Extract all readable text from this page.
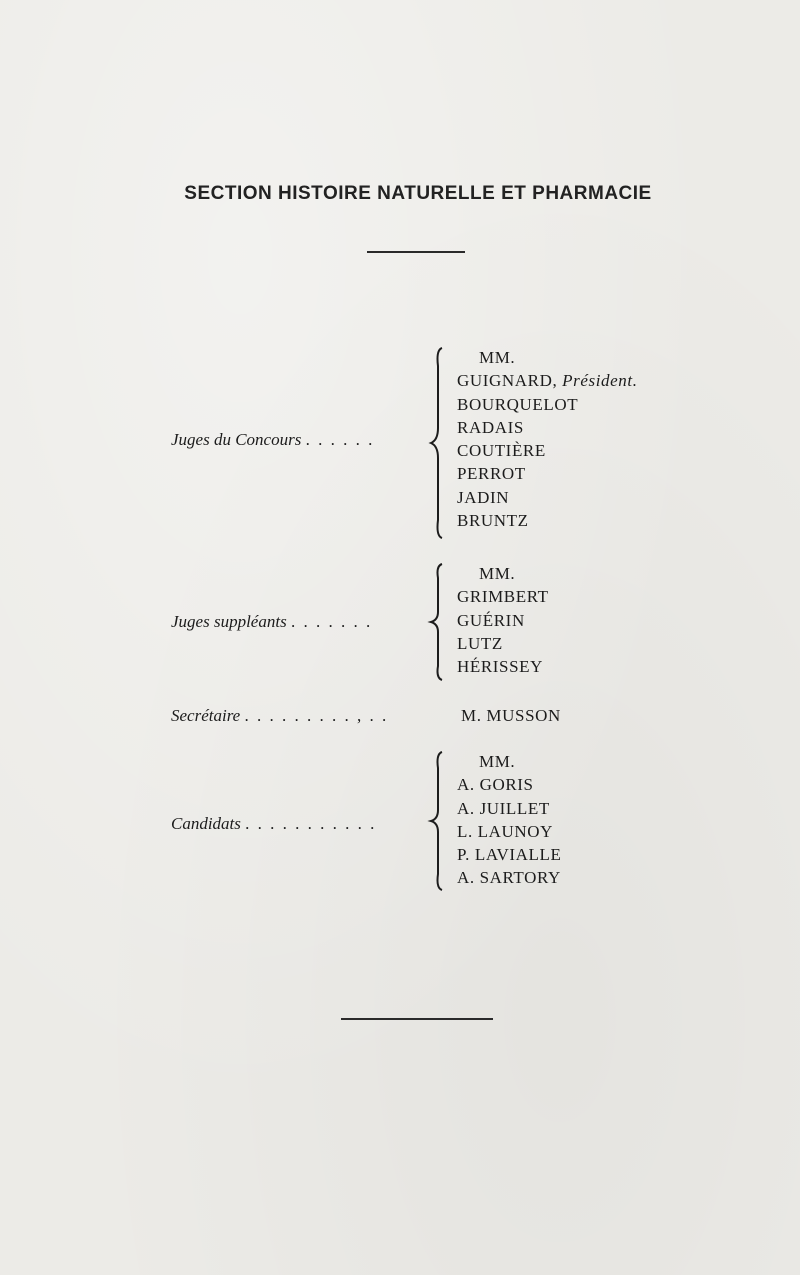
SECTION HISTOIRE NATURELLE ET PHARMACIE
Juges du Concours . . . . . .
MM.
GUIGNARD, Président.
BOURQUELOT
RADAIS
COUTIÈRE
PERROT
JADIN
BRUNTZ
Juges suppléants . . . . . . .
MM.
GRIMBERT
GUÉRIN
LUTZ
HÉRISSEY
Secrétaire . . . . . . . . . , . .	M. MUSSON
Candidats . . . . . . . . . . .
MM.
A. GORIS
A. JUILLET
L. LAUNOY
P. LAVIALLE
A. SARTORY
